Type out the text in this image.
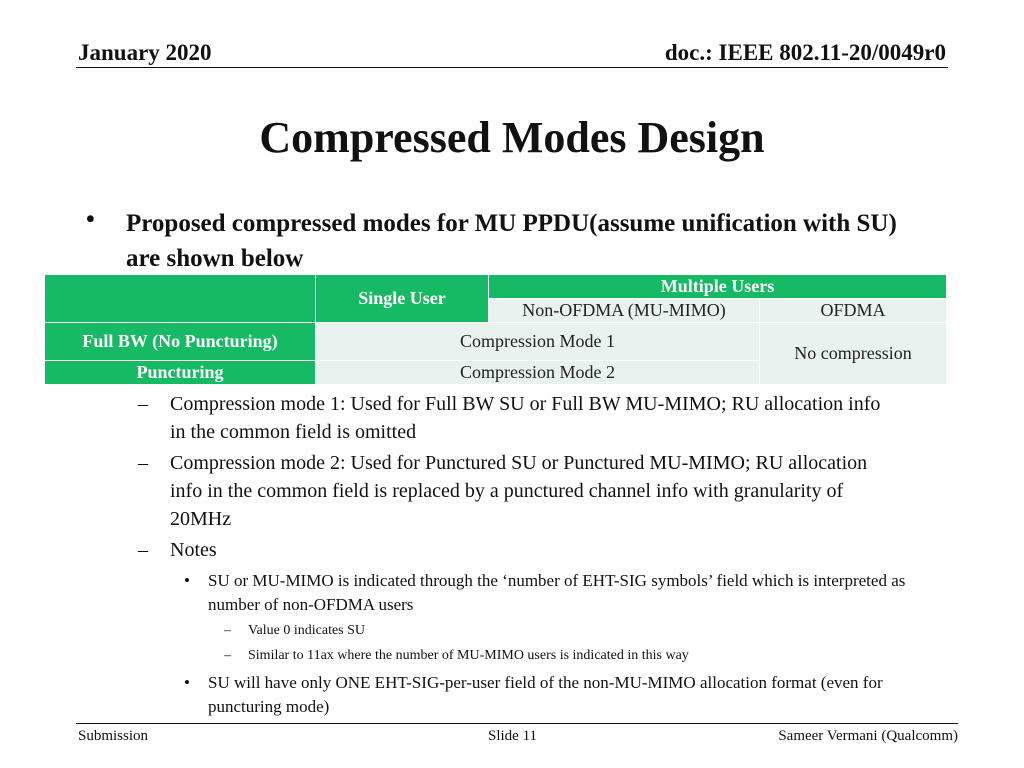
January 2020	doc.: IEEE 802.11-20/0049r0
Compressed Modes Design
• Proposed compressed modes for MU PPDU(assume unification with SU) are shown below
	Single User	Multiple Users	
		Non-OFDMA (MU-MIMO)	OFDMA
Full BW (No Puncturing)	Compression Mode 1		No compression
Puncturing	Compression Mode 2		
– Compression mode 1: Used for Full BW SU or Full BW MU-MIMO; RU allocation info in the common field is omitted
– Compression mode 2: Used for Punctured SU or Punctured MU-MIMO; RU allocation info in the common field is replaced by a punctured channel info with granularity of 20MHz
– Notes
• SU or MU-MIMO is indicated through the ‘number of EHT-SIG symbols’ field which is interpreted as number of non-OFDMA users
– Value 0 indicates SU
– Similar to 11ax where the number of MU-MIMO users is indicated in this way
• SU will have only ONE EHT-SIG-per-user field of the non-MU-MIMO allocation format (even for puncturing mode)
Submission	Slide 11	Sameer Vermani (Qualcomm)
